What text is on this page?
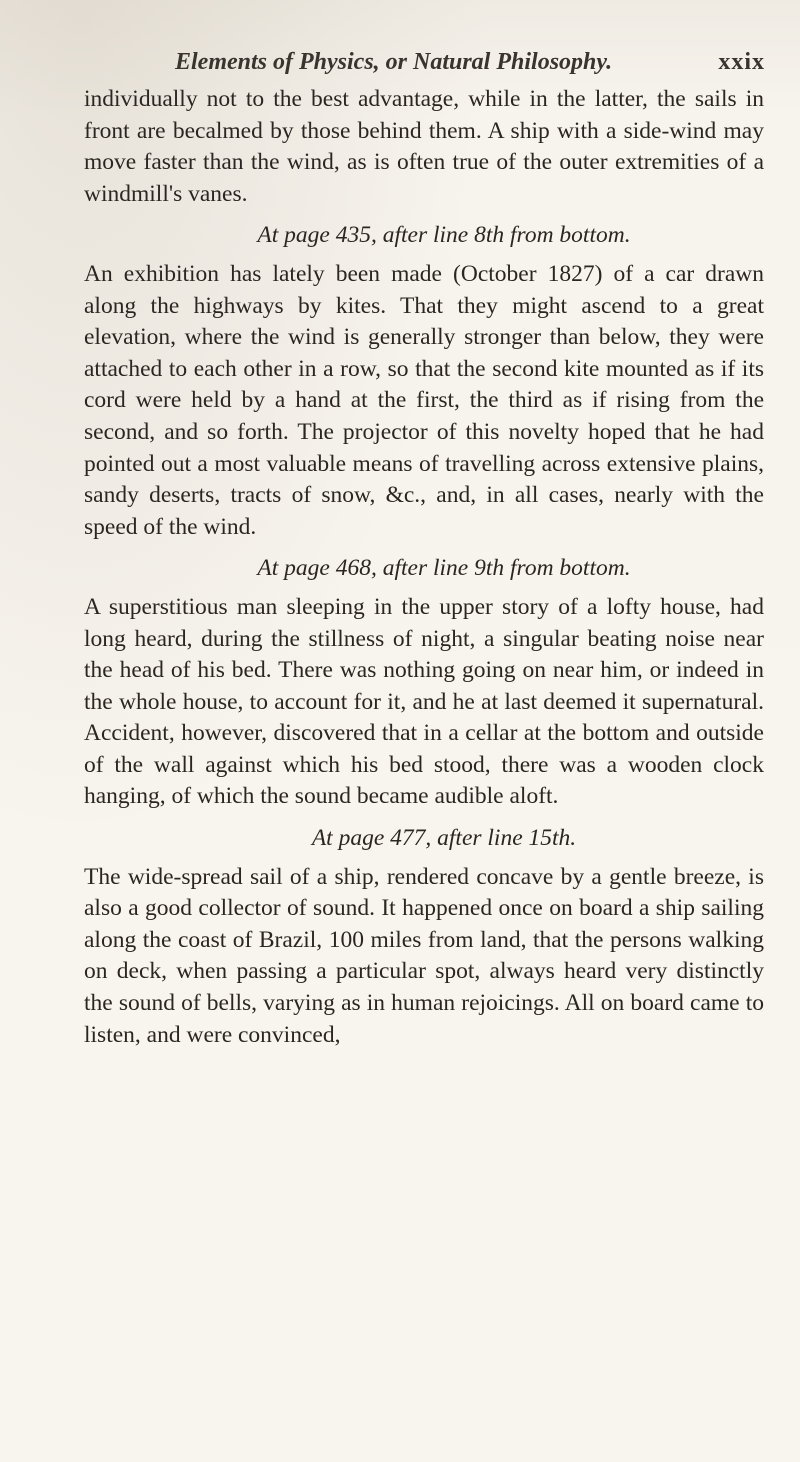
Elements of Physics, or Natural Philosophy.	xxix

individually not to the best advantage, while in the latter, the sails in front are becalmed by those behind them. A ship with a side-wind may move faster than the wind, as is often true of the outer extremities of a windmill's vanes.

At page 435, after line 8th from bottom.

An exhibition has lately been made (October 1827) of a car drawn along the highways by kites. That they might ascend to a great elevation, where the wind is generally stronger than below, they were attached to each other in a row, so that the second kite mounted as if its cord were held by a hand at the first, the third as if rising from the second, and so forth. The projector of this novelty hoped that he had pointed out a most valuable means of travelling across extensive plains, sandy deserts, tracts of snow, &c., and, in all cases, nearly with the speed of the wind.

At page 468, after line 9th from bottom.

A superstitious man sleeping in the upper story of a lofty house, had long heard, during the stillness of night, a singular beating noise near the head of his bed. There was nothing going on near him, or indeed in the whole house, to account for it, and he at last deemed it supernatural. Accident, however, discovered that in a cellar at the bottom and outside of the wall against which his bed stood, there was a wooden clock hanging, of which the sound became audible aloft.

At page 477, after line 15th.

The wide-spread sail of a ship, rendered concave by a gentle breeze, is also a good collector of sound. It happened once on board a ship sailing along the coast of Brazil, 100 miles from land, that the persons walking on deck, when passing a particular spot, always heard very distinctly the sound of bells, varying as in human rejoicings. All on board came to listen, and were convinced,
